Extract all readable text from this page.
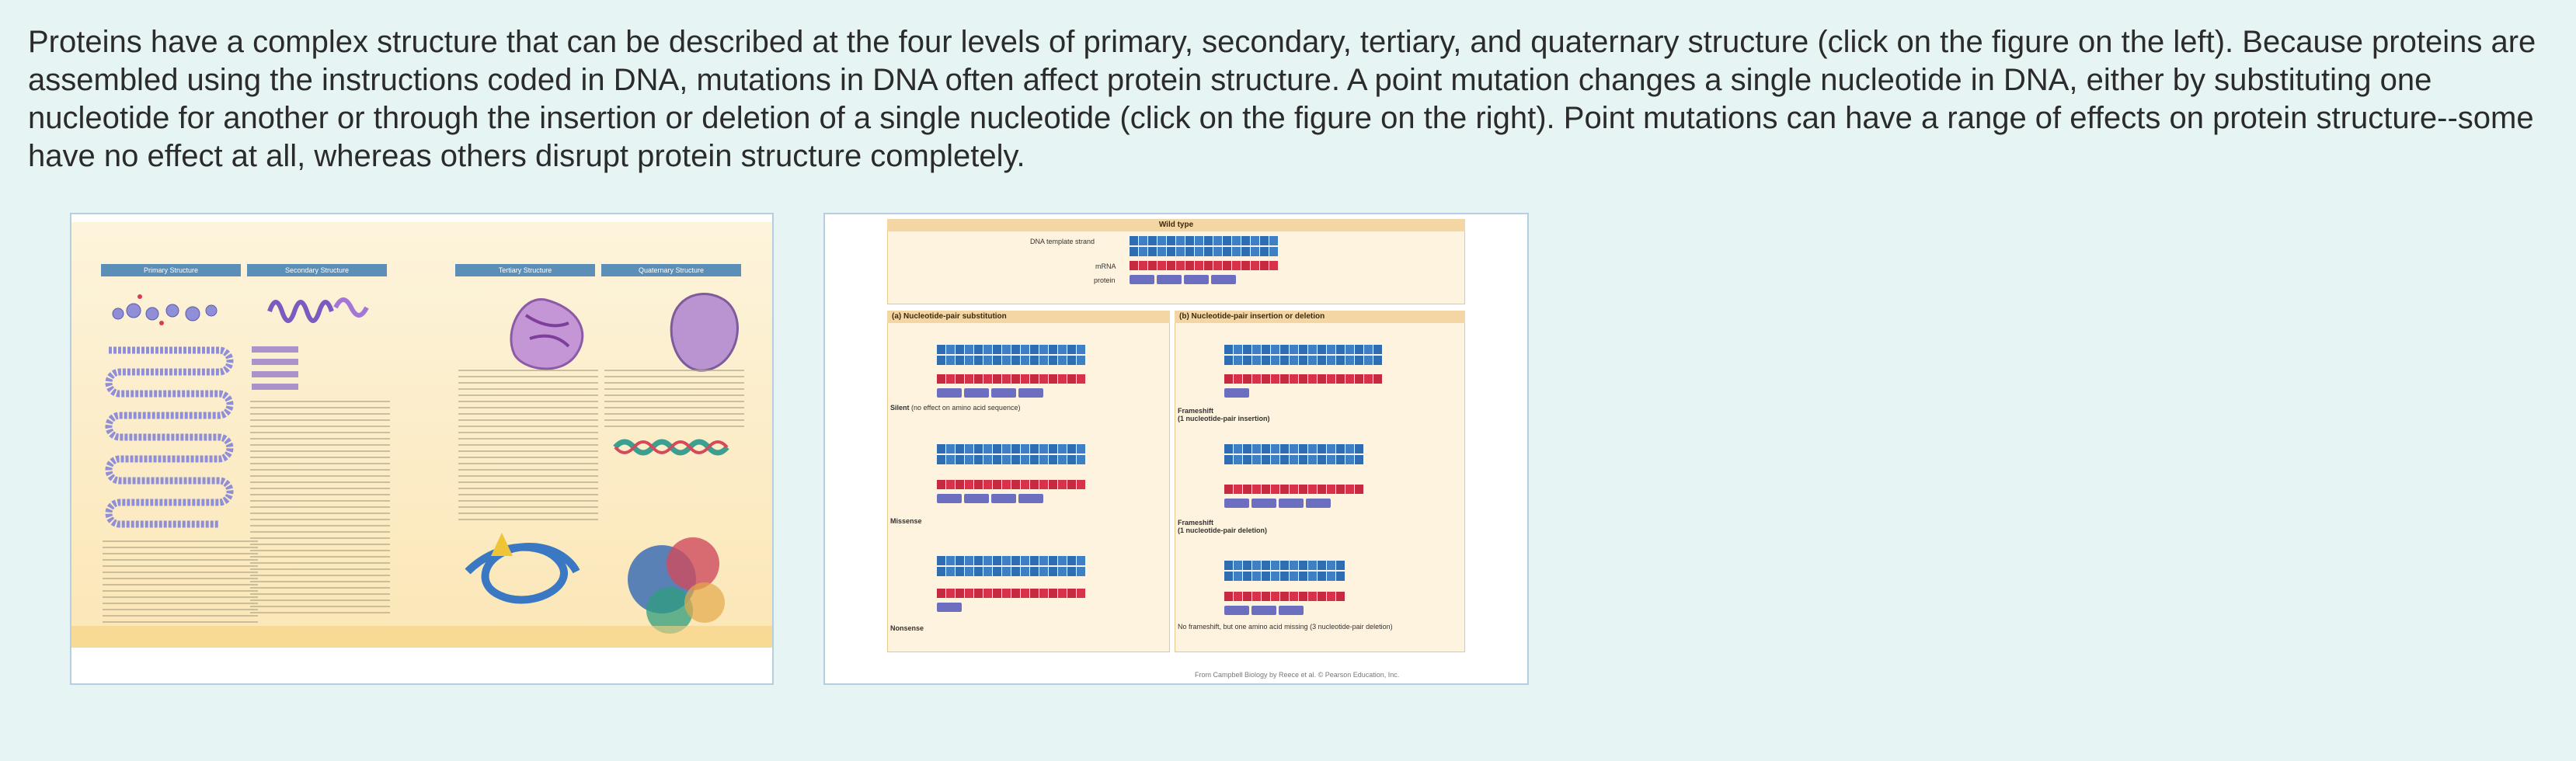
Proteins have a complex structure that can be described at the four levels of primary, secondary, tertiary, and quaternary structure (click on the figure on the left). Because proteins are assembled using the instructions coded in DNA, mutations in DNA often affect protein structure. A point mutation changes a single nucleotide in DNA, either by substituting one nucleotide for another or through the insertion or deletion of a single nucleotide (click on the figure on the right). Point mutations can have a range of effects on protein structure--some have no effect at all, whereas others disrupt protein structure completely.

Primary Structure	Secondary Structure	Tertiary Structure	Quaternary Structure
Wild type
DNA template strand
mRNA
protein
(a) Nucleotide-pair substitution
Silent (no effect on amino acid sequence)
Missense
Nonsense
(b) Nucleotide-pair insertion or deletion
Frameshift
(1 nucleotide-pair insertion)
Frameshift
(1 nucleotide-pair deletion)
No frameshift, but one amino acid missing (3 nucleotide-pair deletion)
From Campbell Biology by Reece et al. © Pearson Education, Inc.
